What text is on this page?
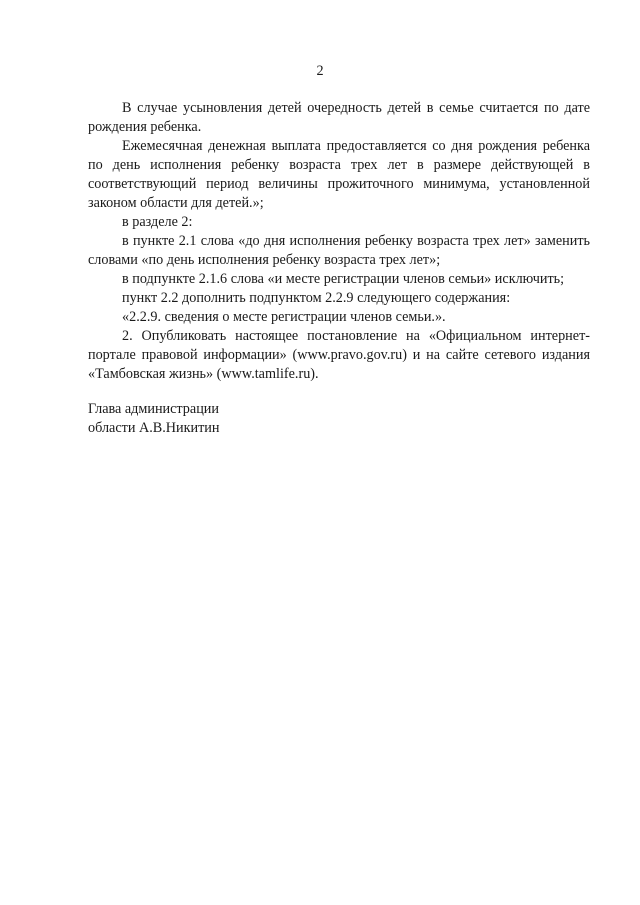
2

В случае усыновления детей очередность детей в семье считается по дате рождения ребенка.

Ежемесячная денежная выплата предоставляется со дня рождения ребенка по день исполнения ребенку возраста трех лет в размере действующей в соответствующий период величины прожиточного минимума, установленной законом области для детей.»;

в разделе 2:

в пункте 2.1 слова «до дня исполнения ребенку возраста трех лет» заменить словами «по день исполнения ребенку возраста трех лет»;

в подпункте 2.1.6 слова «и месте регистрации членов семьи» исключить;

пункт 2.2 дополнить подпунктом 2.2.9 следующего содержания:

«2.2.9. сведения о месте регистрации членов семьи.».

2. Опубликовать настоящее постановление на «Официальном интернет-портале правовой информации» (www.pravo.gov.ru) и на сайте сетевого издания «Тамбовская жизнь» (www.tamlife.ru).

Глава администрации
области А.В.Никитин
